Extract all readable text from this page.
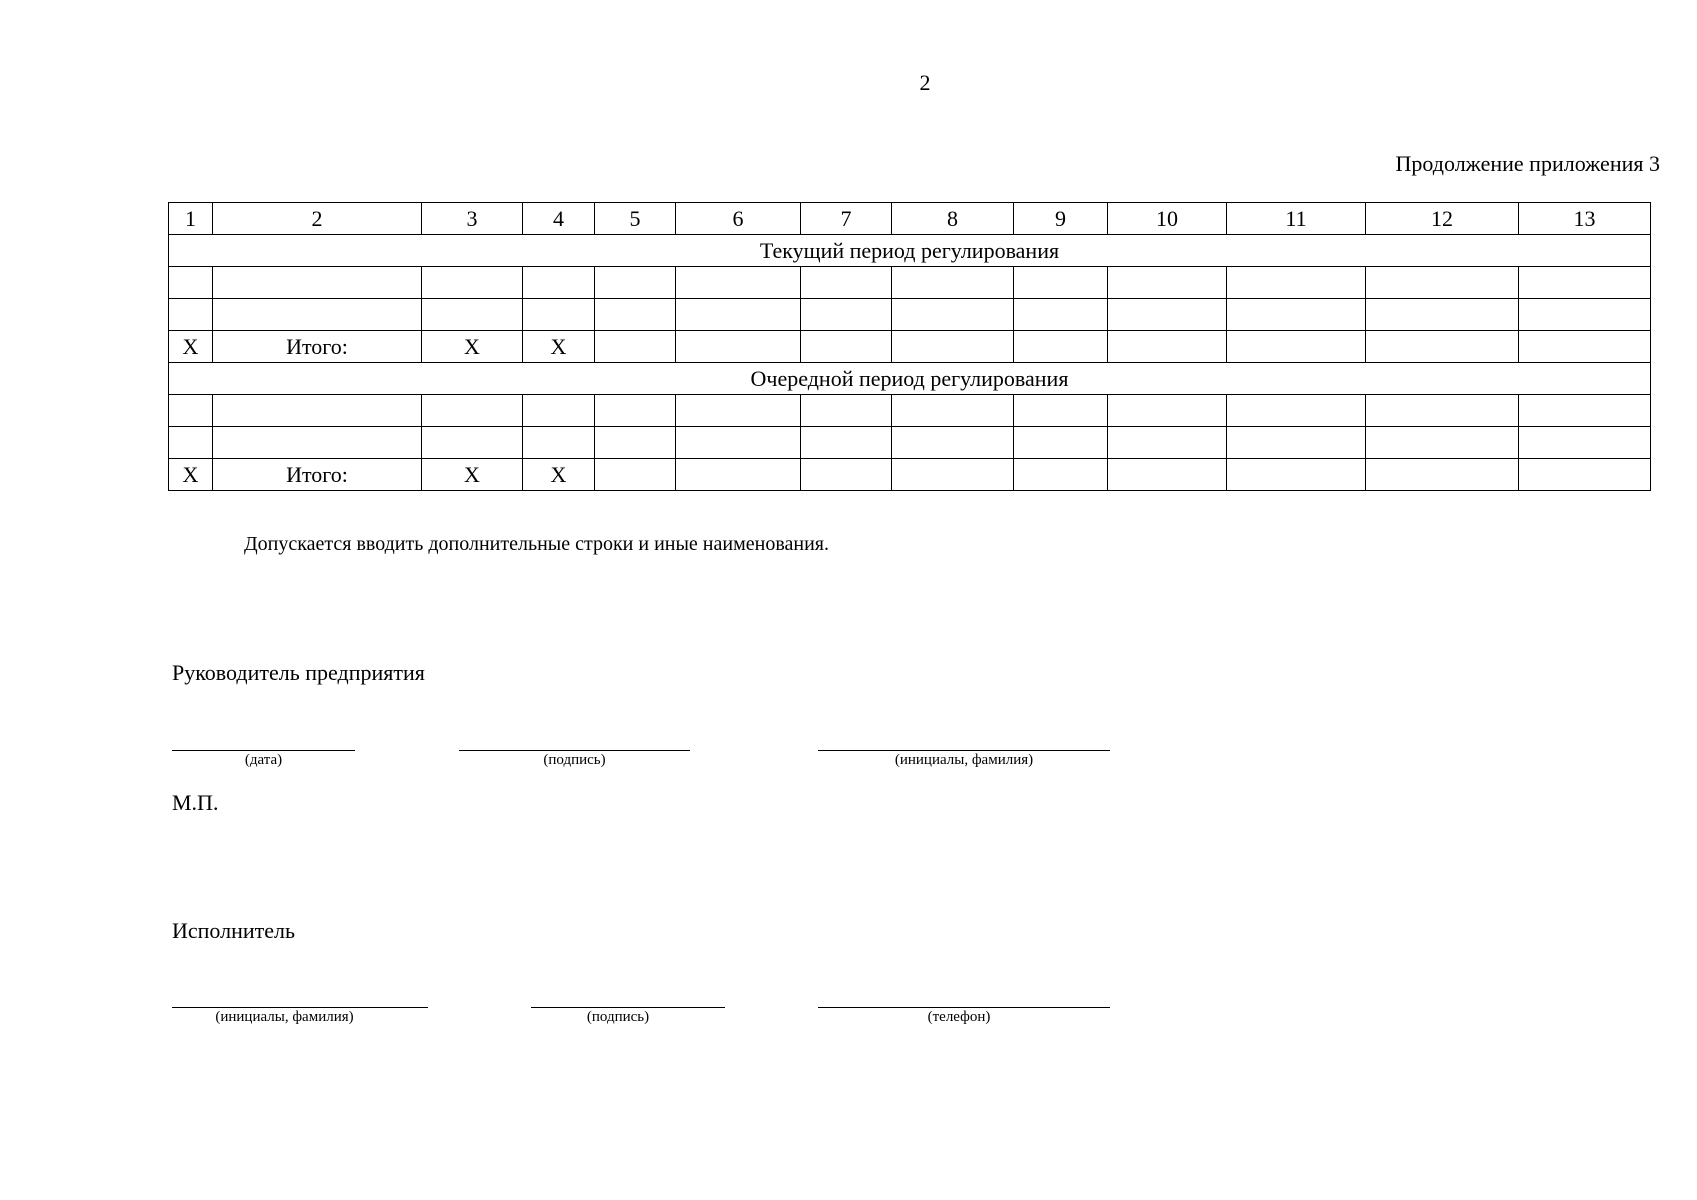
2
Продолжение приложения 3
1	2	3	4	5	6	7	8	9	10	11	12	13
Текущий период регулирования												

X	Итого:	X	X									
Очередной период регулирования												

X	Итого:	X	X									
Допускается вводить дополнительные строки и иные наименования.
Руководитель предприятия
(дата)	(подпись)	(инициалы, фамилия)
М.П.
Исполнитель
(инициалы, фамилия)	(подпись)	(телефон)
